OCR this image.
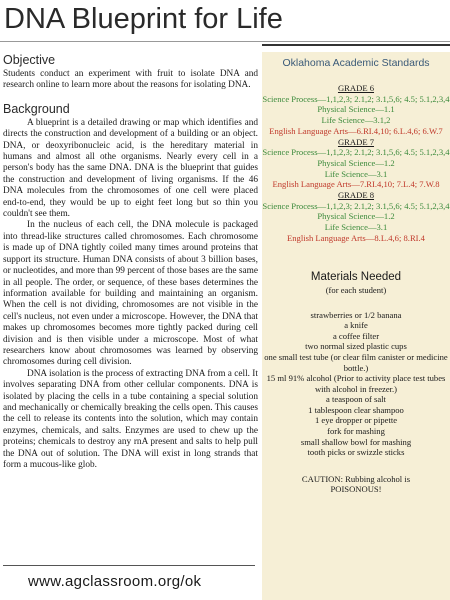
DNA Blueprint for Life
Objective

Students conduct an experiment with fruit to isolate DNA and research online to learn more about the reasons for isolating DNA.

Background

A blueprint is a detailed drawing or map which identifies and directs the construction and development of a building or an object. DNA, or deoxyribonucleic acid, is the hereditary material in humans and almost all othe organisms. Nearly every cell in a person's body has the same DNA. DNA is the blueprint that guides the construction and development of living organisms. If the 46 DNA molecules from the chromosomes of one cell were placed end-to-end, they would be up to eight feet long but so thin you couldn't see them.

In the nucleus of each cell, the DNA molecule is packaged into thread-like structures called chromosomes. Each chromosome is made up of DNA tightly coiled many times around proteins that support its structure. Human DNA consists of about 3 billion bases, or nucleotides, and more than 99 percent of those bases are the same in all people. The order, or sequence, of these bases determines the information available for building and maintaining an organism. When the cell is not dividing, chromosomes are not visible in the cell's nucleus, not even under a microscope. However, the DNA that makes up chromosomes becomes more tightly packed during cell division and is then visible under a microscope. Most of what researchers know about chromosomes was learned by observing chromosomes during cell division.

DNA isolation is the process of extracting DNA from a cell. It involves separating DNA from other cellular components. DNA is isolated by placing the cells in a tube containing a special solution and mechanically or chemically breaking the cells open. This causes the cell to release its contents into the solution, which may contain enzymes, chemicals, and salts. Enzymes are used to chew up the proteins; chemicals to destroy any rnA present and salts to help pull the DNA out of solution. The DNA will exist in long strands that form a mucous-like glob.

www.agclassroom.org/ok
Oklahoma Academic Standards
GRADE 6
Science Process—1,1,2,3; 2.1,2; 3.1,5,6; 4.5; 5.1,2,3,4
Physical Science—1.1
Life Science—3.1,2
English Language Arts—6.RI.4,10; 6.L.4,6; 6.W.7
GRADE 7
Science Process—1,1,2,3; 2.1,2; 3.1,5,6; 4.5; 5.1,2,3,4
Physical Science—1.2
Life Science—3.1
English Language Arts—7.RI.4,10; 7.L.4; 7.W.8
GRADE 8
Science Process—1,1,2,3; 2.1,2; 3.1,5,6; 4.5; 5.1,2,3,4
Physical Science—1.2
Life Science—3.1
English Language Arts—8.L.4,6; 8.RI.4
Materials Needed
(for each student)
strawberries or 1/2 banana
a knife
a coffee filter
two normal sized plastic cups
one small test tube (or clear film canister or medicine bottle.)
15 ml 91% alcohol (Prior to activity place test tubes with alcohol in freezer.)
a teaspoon of salt
1 tablespoon clear shampoo
1 eye dropper or pipette
fork for mashing
small shallow bowl for mashing
tooth picks or swizzle sticks
CAUTION: Rubbing alcohol is POISONOUS!
